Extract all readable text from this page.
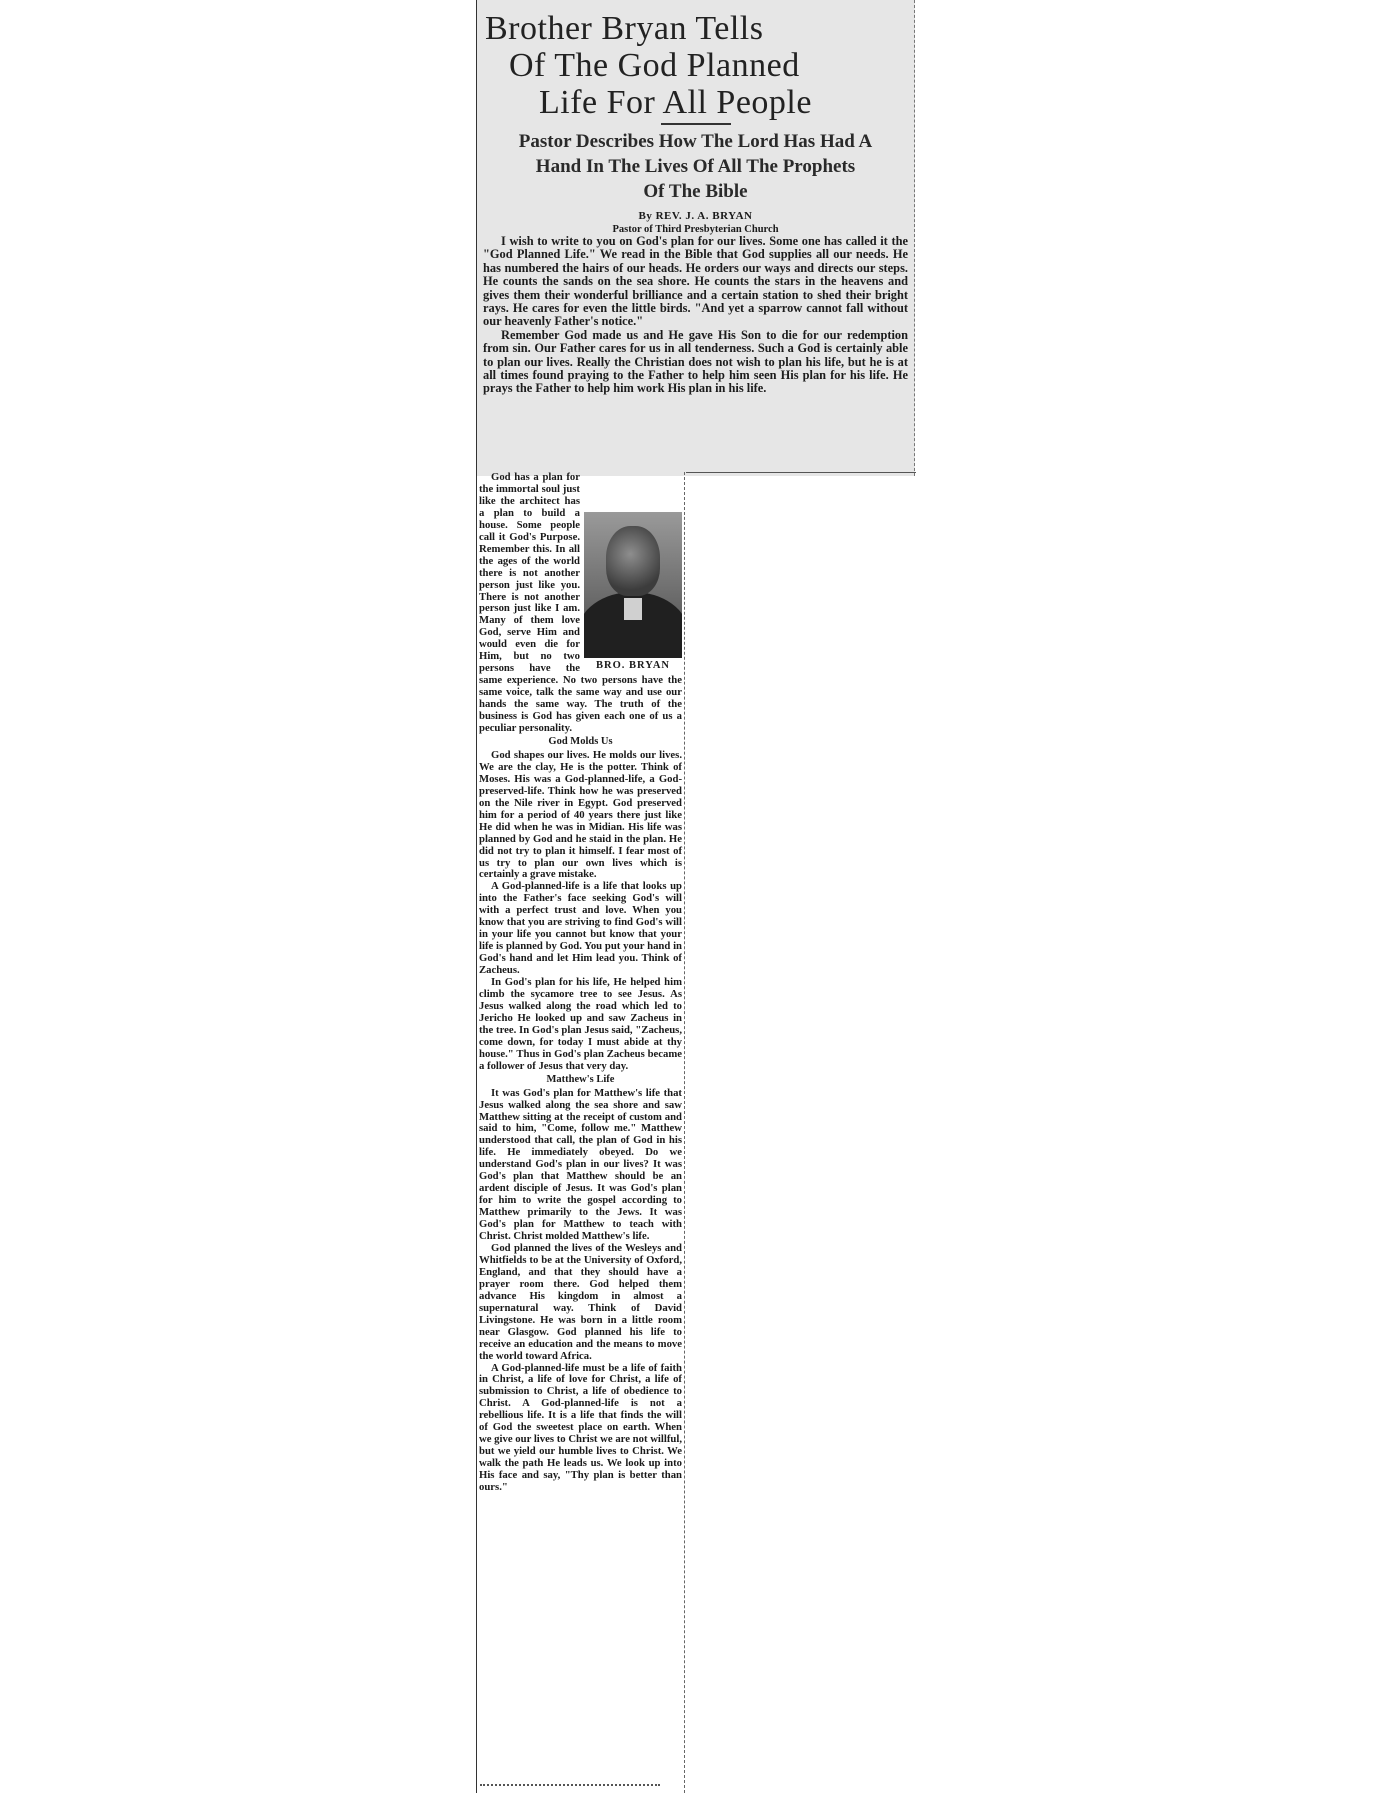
Brother Bryan Tells
Of The God Planned
Life For All People
Pastor Describes How The Lord Has Had A
Hand In The Lives Of All The Prophets
Of The Bible
By REV. J. A. BRYAN
Pastor of Third Presbyterian Church

I wish to write to you on God's plan for our lives. Some one has called it the "God Planned Life." We read in the Bible that God supplies all our needs. He has numbered the hairs of our heads. He orders our ways and directs our steps. He counts the sands on the sea shore. He counts the stars in the heavens and gives them their wonderful brilliance and a certain station to shed their bright rays. He cares for even the little birds. "And yet a sparrow cannot fall without our heavenly Father's notice."

Remember God made us and He gave His Son to die for our redemption from sin. Our Father cares for us in all tenderness. Such a God is certainly able to plan our lives. Really the Christian does not wish to plan his life, but he is at all times found praying to the Father to help him seen His plan for his life. He prays the Father to help him work His plan in his life.

BRO. BRYAN

God has a plan for the immortal soul just like the architect has a plan to build a house. Some people call it God's Purpose. Remember this. In all the ages of the world there is not another person just like you. There is not another person just like I am. Many of them love God, serve Him and would even die for Him, but no two persons have the same experience. No two persons have the same voice, talk the same way and use our hands the same way. The truth of the business is God has given each one of us a peculiar personality.

God Molds Us

God shapes our lives. He molds our lives. We are the clay, He is the potter. Think of Moses. His was a God-planned-life, a God-preserved-life. Think how he was preserved on the Nile river in Egypt. God preserved him for a period of 40 years there just like He did when he was in Midian. His life was planned by God and he staid in the plan. He did not try to plan it himself. I fear most of us try to plan our own lives which is certainly a grave mistake.

A God-planned-life is a life that looks up into the Father's face seeking God's will with a perfect trust and love. When you know that you are striving to find God's will in your life you cannot but know that your life is planned by God. You put your hand in God's hand and let Him lead you. Think of Zacheus.

In God's plan for his life, He helped him climb the sycamore tree to see Jesus. As Jesus walked along the road which led to Jericho He looked up and saw Zacheus in the tree. In God's plan Jesus said, "Zacheus, come down, for today I must abide at thy house." Thus in God's plan Zacheus became a follower of Jesus that very day.

Matthew's Life

It was God's plan for Matthew's life that Jesus walked along the sea shore and saw Matthew sitting at the receipt of custom and said to him, "Come, follow me." Matthew understood that call, the plan of God in his life. He immediately obeyed. Do we understand God's plan in our lives? It was God's plan that Matthew should be an ardent disciple of Jesus. It was God's plan for him to write the gospel according to Matthew primarily to the Jews. It was God's plan for Matthew to teach with Christ. Christ molded Matthew's life.

God planned the lives of the Wesleys and Whitfields to be at the University of Oxford, England, and that they should have a prayer room there. God helped them advance His kingdom in almost a supernatural way. Think of David Livingstone. He was born in a little room near Glasgow. God planned his life to receive an education and the means to move the world toward Africa.

A God-planned-life must be a life of faith in Christ, a life of love for Christ, a life of submission to Christ, a life of obedience to Christ. A God-planned-life is not a rebellious life. It is a life that finds the will of God the sweetest place on earth. When we give our lives to Christ we are not willful, but we yield our humble lives to Christ. We walk the path He leads us. We look up into His face and say, "Thy plan is better than ours."
